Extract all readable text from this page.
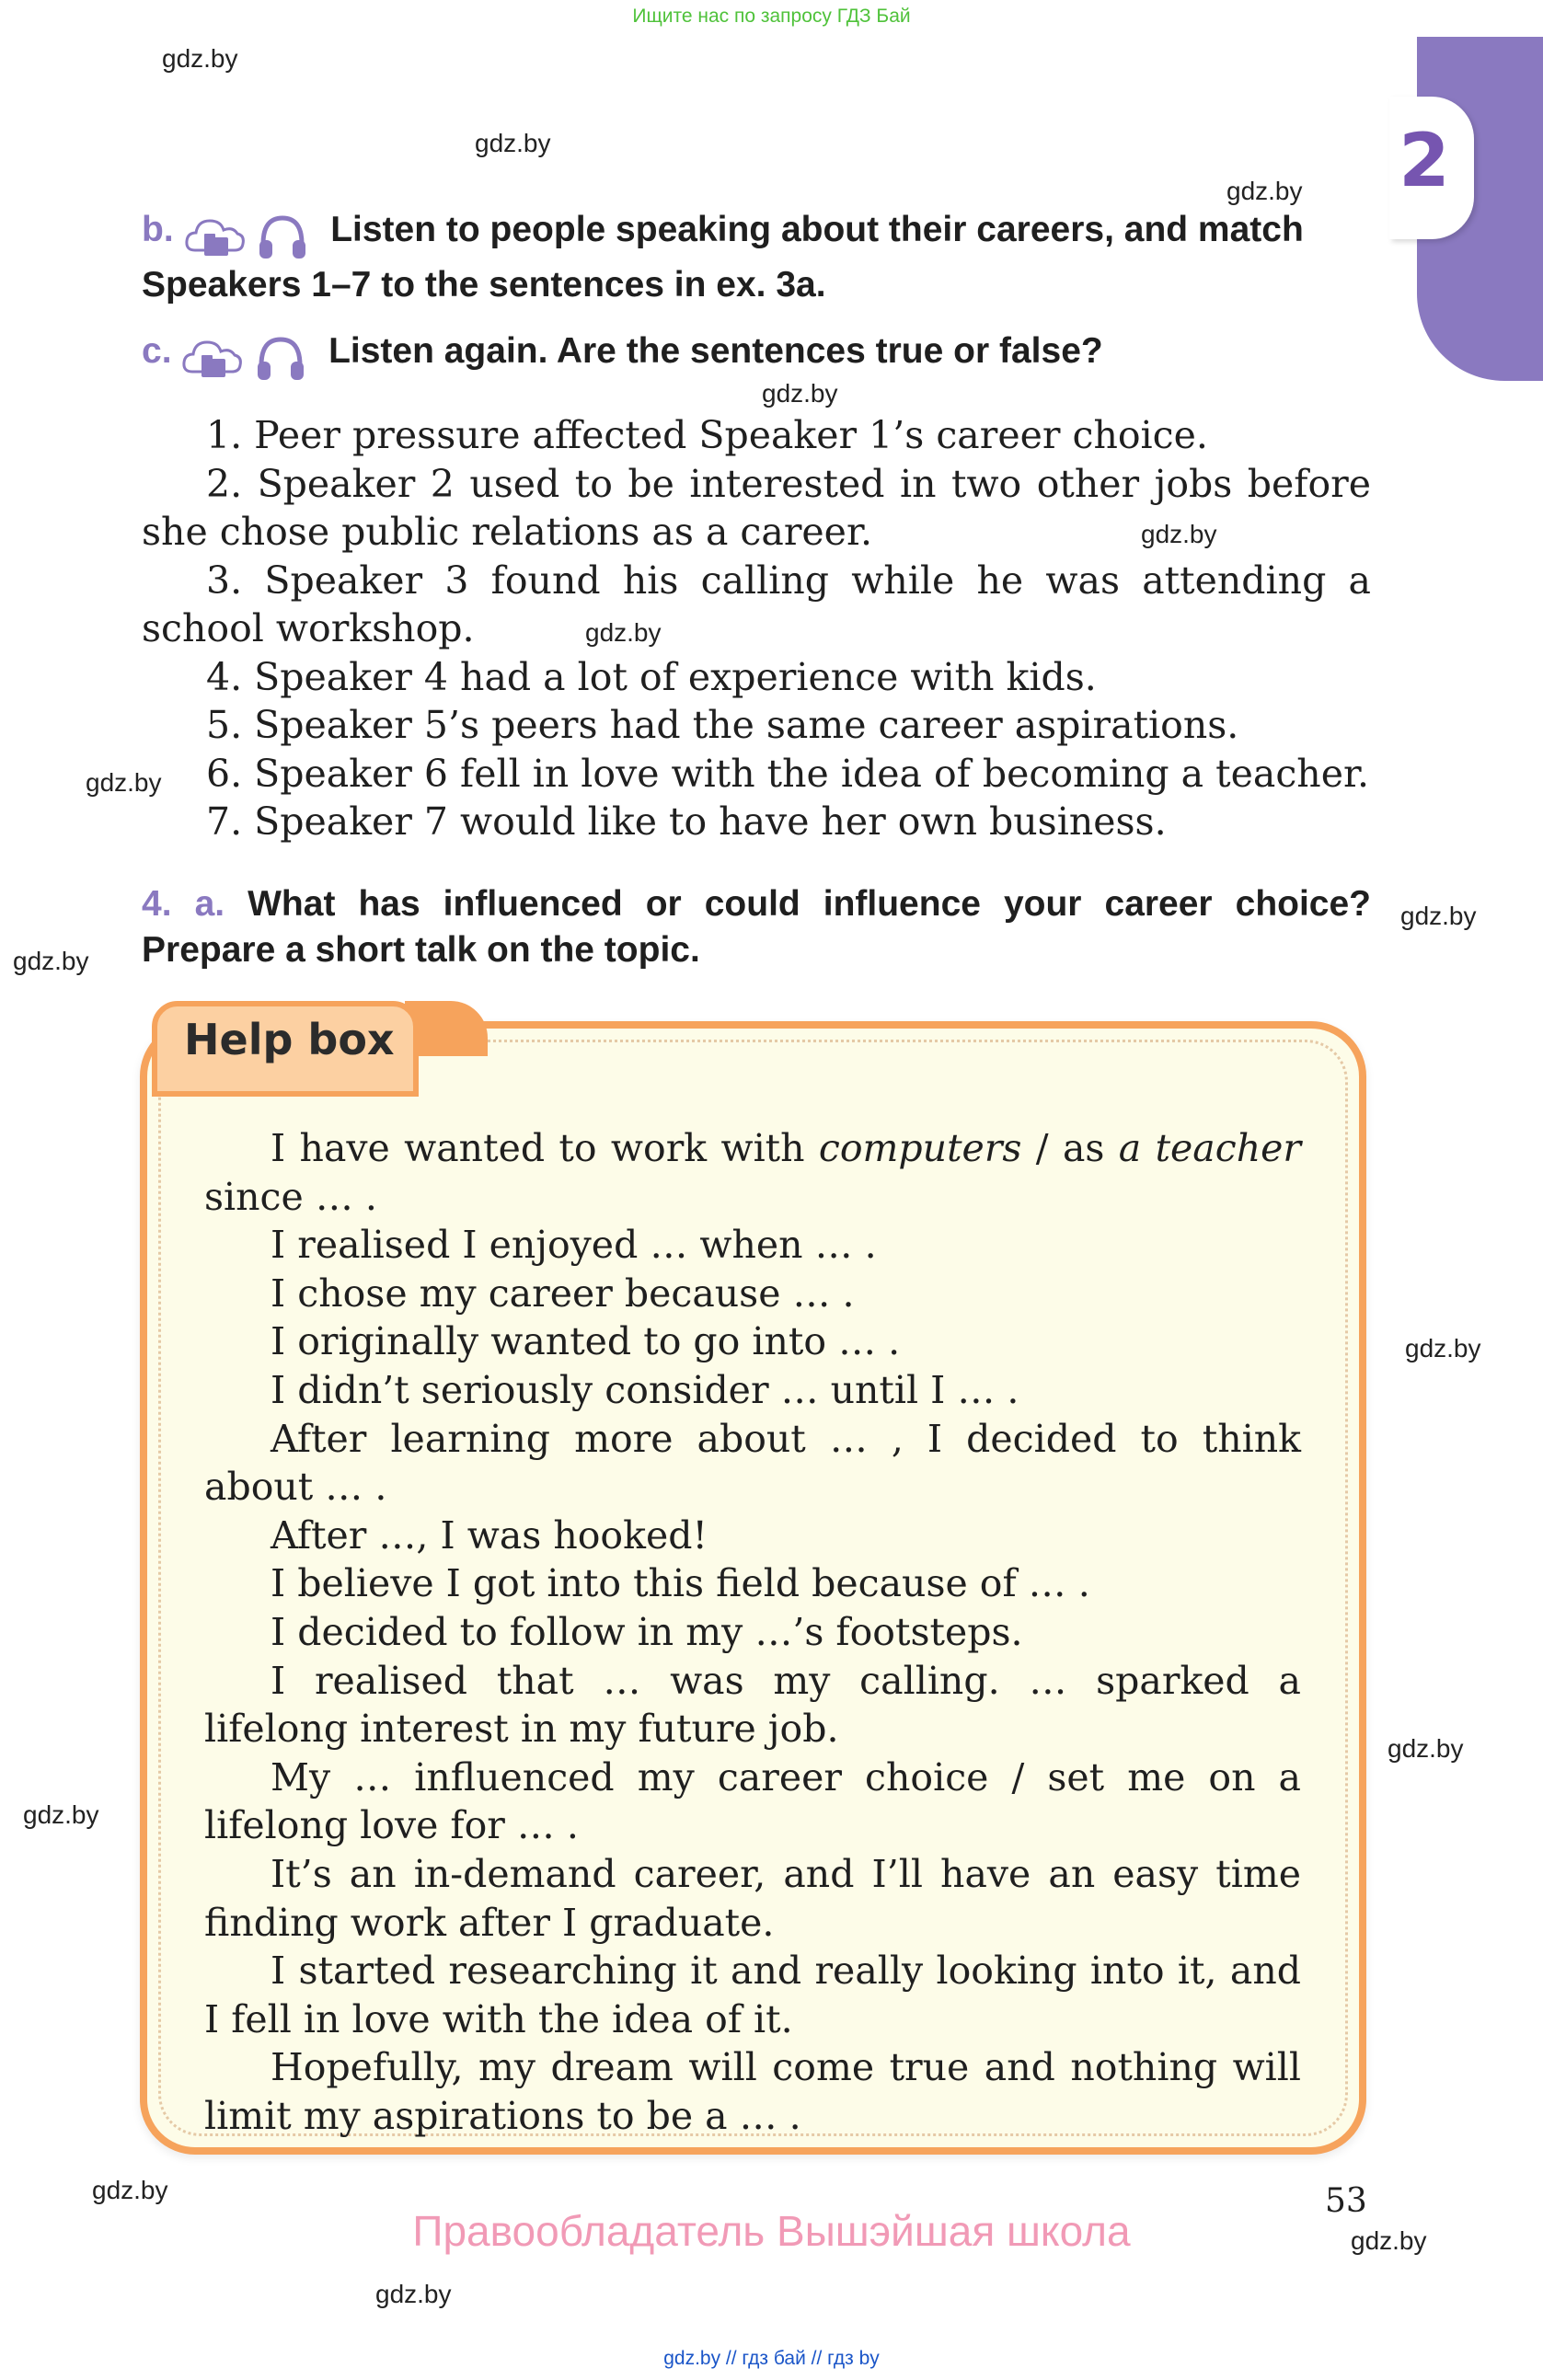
Ищите нас по запросу ГДЗ Бай
gdz.by // гдз бай // гдз by
2
gdz.by
gdz.by
gdz.by
gdz.by
gdz.by
gdz.by
gdz.by
gdz.by
gdz.by
gdz.by
gdz.by
gdz.by
gdz.by
gdz.by
gdz.by
b.	Listen to people speaking about their careers, and match Speakers 1–7 to the sentences in ex. 3a.
c.	Listen again. Are the sentences true or false?

1. Peer pressure affected Speaker 1’s career choice.

2. Speaker 2 used to be interested in two other jobs before she chose public relations as a career.

3. Speaker 3 found his calling while he was attending a school workshop.

4. Speaker 4 had a lot of experience with kids.

5. Speaker 5’s peers had the same career aspirations.

6. Speaker 6 fell in love with the idea of becoming a teacher.

7. Speaker 7 would like to have her own business.

4. a. What has influenced or could influence your career choice? Prepare a short talk on the topic.
Help box

I have wanted to work with computers / as a teacher since … .

I realised I enjoyed … when … .

I chose my career because … .

I originally wanted to go into … .

I didn’t seriously consider … until I … .

After learning more about … , I decided to think about … .

After …, I was hooked!

I believe I got into this field because of … .

I decided to follow in my …’s footsteps.

I realised that … was my calling. … sparked a lifelong interest in my future job.

My … influenced my career choice / set me on a lifelong love for … .

It’s an in-demand career, and I’ll have an easy time finding work after I graduate.

I started researching it and really looking into it, and I fell in love with the idea of it.

Hopefully, my dream will come true and nothing will limit my aspirations to be a … .

53
Правообладатель Вышэйшая школа
